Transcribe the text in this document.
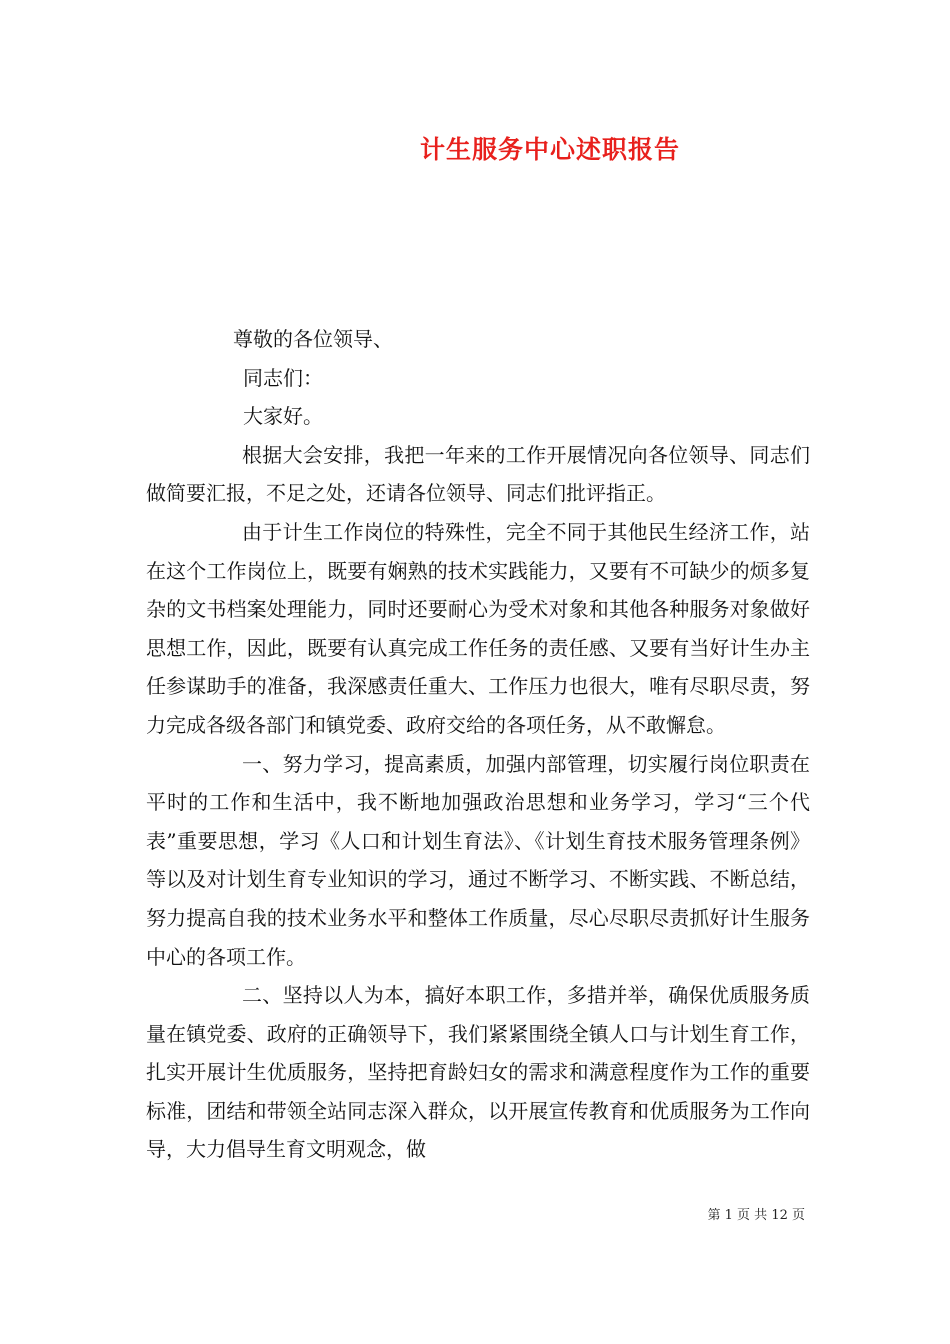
计生服务中心述职报告

尊敬的各位领导、

同志们：

大家好。

根据大会安排，我把一年来的工作开展情况向各位领导、同志们做简要汇报，不足之处，还请各位领导、同志们批评指正。

由于计生工作岗位的特殊性，完全不同于其他民生经济工作，站在这个工作岗位上，既要有娴熟的技术实践能力，又要有不可缺少的烦多复杂的文书档案处理能力，同时还要耐心为受术对象和其他各种服务对象做好思想工作，因此，既要有认真完成工作任务的责任感、又要有当好计生办主任参谋助手的准备，我深感责任重大、工作压力也很大，唯有尽职尽责，努力完成各级各部门和镇党委、政府交给的各项任务，从不敢懈怠。

一、努力学习，提高素质，加强内部管理，切实履行岗位职责在平时的工作和生活中，我不断地加强政治思想和业务学习，学习“三个代表”重要思想，学习《人口和计划生育法》、《计划生育技术服务管理条例》等以及对计划生育专业知识的学习，通过不断学习、不断实践、不断总结，努力提高自我的技术业务水平和整体工作质量，尽心尽职尽责抓好计生服务中心的各项工作。

二、坚持以人为本，搞好本职工作，多措并举，确保优质服务质量在镇党委、政府的正确领导下，我们紧紧围绕全镇人口与计划生育工作，扎实开展计生优质服务，坚持把育龄妇女的需求和满意程度作为工作的重要标准，团结和带领全站同志深入群众，以开展宣传教育和优质服务为工作向导，大力倡导生育文明观念，做

第 1 页 共 12 页
